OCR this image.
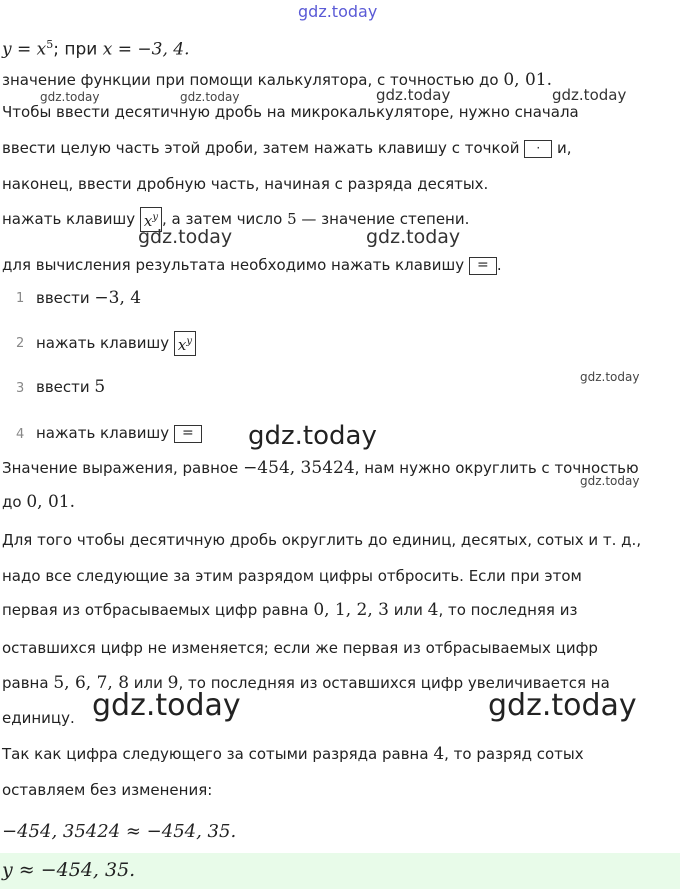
gdz.today
$y = x^5$; при x = −3, 4.
значение функции при помощи калькулятора, с точностью до 0, 01.
Чтобы ввести десятичную дробь на микрокалькуляторе, нужно сначала
ввести целую часть этой дроби, затем нажать клавишу с точкой · и,
наконец, ввести дробную часть, начиная с разряда десятых.
нажать клавишу $x^y$ , а затем число 5 — значение степени.
для вычисления результата необходимо нажать клавишу = .
1 ввести −3, 4
2 нажать клавишу $x^y$
3 ввести 5
4 нажать клавишу =
Значение выражения, равное −454, 35424, нам нужно округлить с точностью
до 0, 01.
Для того чтобы десятичную дробь округлить до единиц, десятых, сотых и т. д.,
надо все следующие за этим разрядом цифры отбросить. Если при этом
первая из отбрасываемых цифр равна 0, 1, 2, 3 или 4, то последняя из
оставшихся цифр не изменяется; если же первая из отбрасываемых цифр
равна 5, 6, 7, 8 или 9, то последняя из оставшихся цифр увеличивается на
единицу.
Так как цифра следующего за сотыми разряда равна 4, то разряд сотых
оставляем без изменения:
−454, 35424 ≈ −454, 35.
y ≈ −454, 35.
gdz.today	gdz.today	gdz.today	gdz.today
gdz.today	gdz.today
gdz.today
gdz.today
gdz.today
gdz.today	gdz.today
